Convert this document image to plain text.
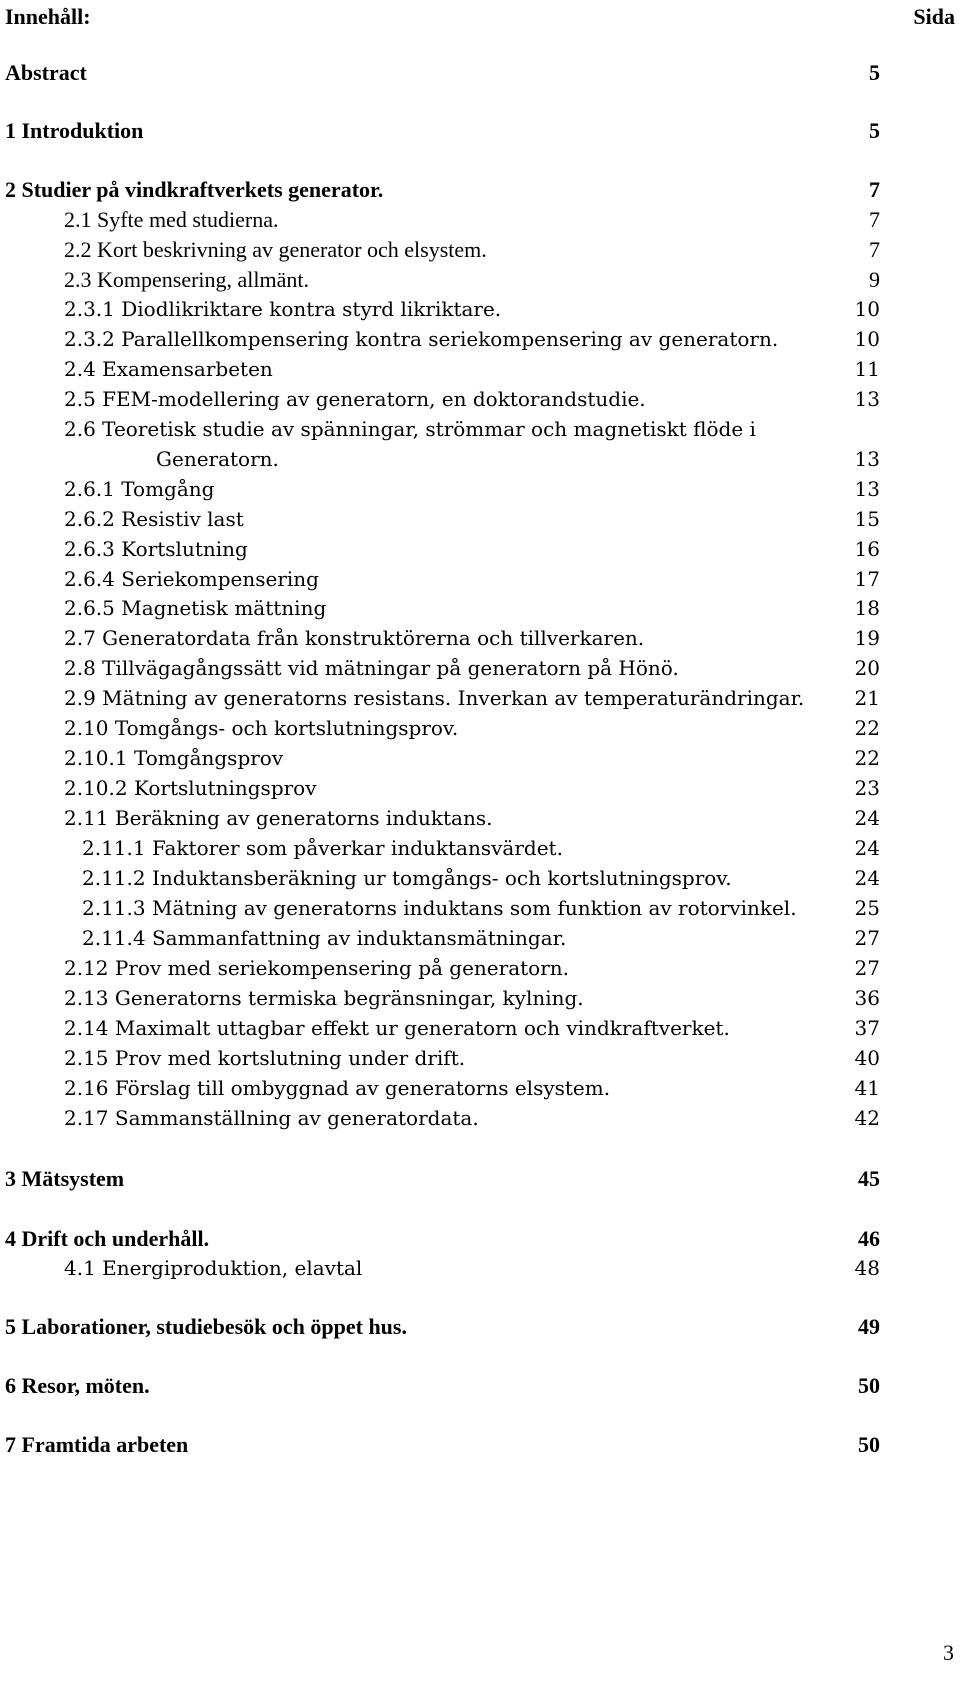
Innehåll:	Sida
Abstract	5
1 Introduktion	5
2 Studier på vindkraftverkets generator.	7
2.1 Syfte med studierna.	7
2.2 Kort beskrivning av generator och elsystem.	7
2.3 Kompensering, allmänt.	9
2.3.1 Diodlikriktare kontra styrd likriktare.	10
2.3.2 Parallellkompensering kontra seriekompensering av generatorn.	10
2.4 Examensarbeten	11
2.5 FEM-modellering av generatorn, en doktorandstudie.	13
2.6 Teoretisk studie av spänningar, strömmar och magnetiskt flöde i
Generatorn.	13
2.6.1 Tomgång	13
2.6.2 Resistiv last	15
2.6.3 Kortslutning	16
2.6.4 Seriekompensering	17
2.6.5 Magnetisk mättning	18
2.7 Generatordata från konstruktörerna och tillverkaren.	19
2.8 Tillvägagångssätt vid mätningar på generatorn på Hönö.	20
2.9 Mätning av generatorns resistans. Inverkan av temperaturändringar.	21
2.10 Tomgångs- och kortslutningsprov.	22
2.10.1 Tomgångsprov	22
2.10.2 Kortslutningsprov	23
2.11 Beräkning av generatorns induktans.	24
2.11.1 Faktorer som påverkar induktansvärdet.	24
2.11.2 Induktansberäkning ur tomgångs- och kortslutningsprov.	24
2.11.3 Mätning av generatorns induktans som funktion av rotorvinkel.	25
2.11.4 Sammanfattning av induktansmätningar.	27
2.12 Prov med seriekompensering på generatorn.	27
2.13 Generatorns termiska begränsningar, kylning.	36
2.14 Maximalt uttagbar effekt ur generatorn och vindkraftverket.	37
2.15 Prov med kortslutning under drift.	40
2.16 Förslag till ombyggnad av generatorns elsystem.	41
2.17 Sammanställning av generatordata.	42
3 Mätsystem	45
4 Drift och underhåll.	46
4.1 Energiproduktion, elavtal	48
5 Laborationer, studiebesök och öppet hus.	49
6 Resor, möten.	50
7 Framtida arbeten	50
3
